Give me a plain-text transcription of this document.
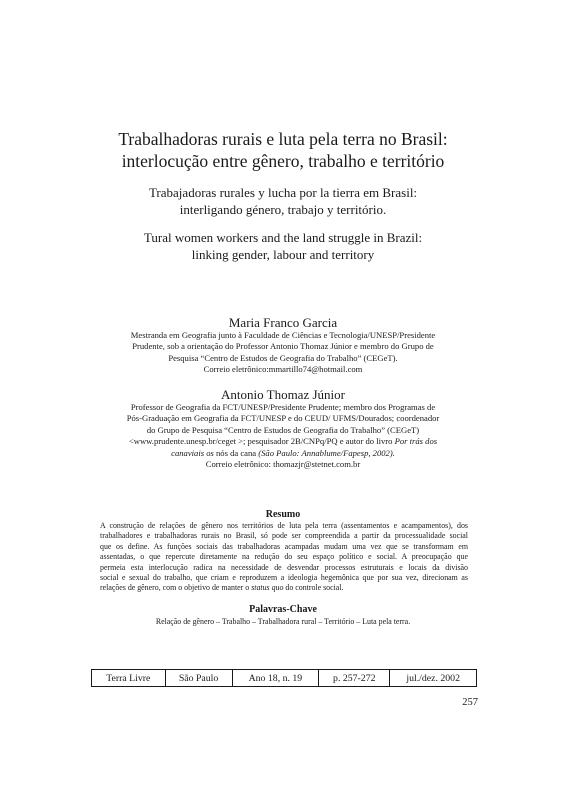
Trabalhadoras rurais e luta pela terra no Brasil:
interlocução entre gênero, trabalho e território
Trabajadoras rurales y lucha por la tierra em Brasil:
interligando género, trabajo y território.
Tural women workers and the land struggle in Brazil:
linking gender, labour and territory
Maria Franco Garcia
Mestranda em Geografia junto à Faculdade de Ciências e Tecnologia/UNESP/Presidente
Prudente, sob a orientação do Professor Antonio Thomaz Júnior e membro do Grupo de
Pesquisa “Centro de Estudos de Geografia do Trabalho” (CEGeT).
Correio eletrônico:mmartillo74@hotmail.com
Antonio Thomaz Júnior
Professor de Geografia da FCT/UNESP/Presidente Prudente; membro dos Programas de
Pós-Graduação em Geografia da FCT/UNESP e do CEUD/ UFMS/Dourados; coordenador
do Grupo de Pesquisa “Centro de Estudos de Geografia do Trabalho” (CEGeT)
<www.prudente.unesp.br/ceget >; pesquisador 2B/CNPq/PQ e autor do livro Por trás dos
canaviais os nós da cana (São Paulo: Annablume/Fapesp, 2002).
Correio eletrônico: thomazjr@stetnet.com.br
Resumo
A construção de relações de gênero nos territórios de luta pela terra (assentamentos e acampamentos), dos
trabalhadores e trabalhadoras rurais no Brasil, só pode ser compreendida a partir da processualidade social
que os define. As funções sociais das trabalhadoras acampadas mudam uma vez que se transformam em
assentadas, o que repercute diretamente na redução do seu espaço político e social. A preocupação que
permeia esta interlocução radica na necessidade de desvendar processos estruturais e locais da divisão
social e sexual do trabalho, que criam e reproduzem a ideologia hegemônica que por sua vez, direcionam as
relações de gênero, com o objetivo de manter o status quo do controle social.
Palavras-Chave
Relação de gênero – Trabalho – Trabalhadora rural – Território – Luta pela terra.
Terra Livre	São Paulo	Ano 18, n. 19	p. 257-272	jul./dez. 2002
257
